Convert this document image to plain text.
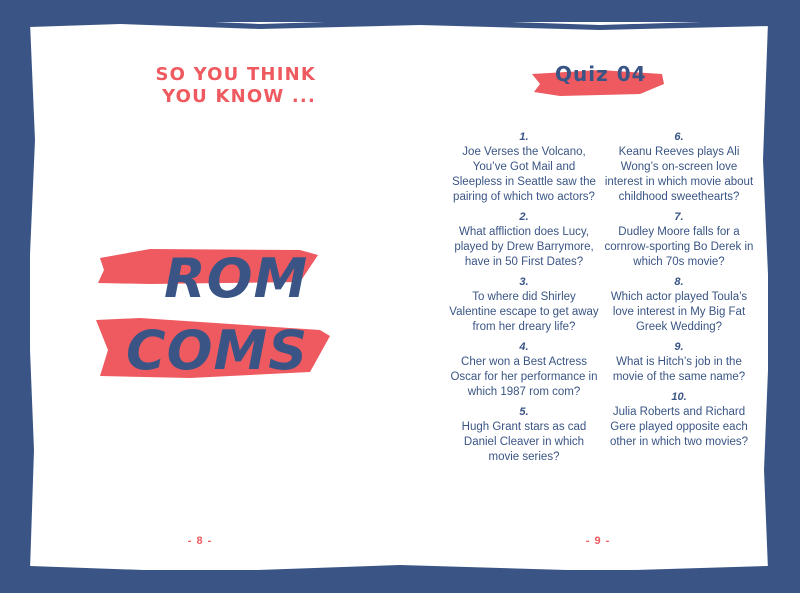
SO YOU THINK
YOU KNOW ...
ROM
COMS
- 8 -
Quiz 04
1.
Joe Verses the Volcano, You’ve Got Mail and Sleepless in Seattle saw the pairing of which two actors?
2.
What affliction does Lucy, played by Drew Barrymore, have in 50 First Dates?
3.
To where did Shirley Valentine escape to get away from her dreary life?
4.
Cher won a Best Actress Oscar for her performance in which 1987 rom com?
5.
Hugh Grant stars as cad Daniel Cleaver in which movie series?
6.
Keanu Reeves plays Ali Wong’s on-screen love interest in which movie about childhood sweethearts?
7.
Dudley Moore falls for a cornrow-sporting Bo Derek in which 70s movie?
8.
Which actor played Toula’s love interest in My Big Fat Greek Wedding?
9.
What is Hitch’s job in the movie of the same name?
10.
Julia Roberts and Richard Gere played opposite each other in which two movies?
- 9 -
